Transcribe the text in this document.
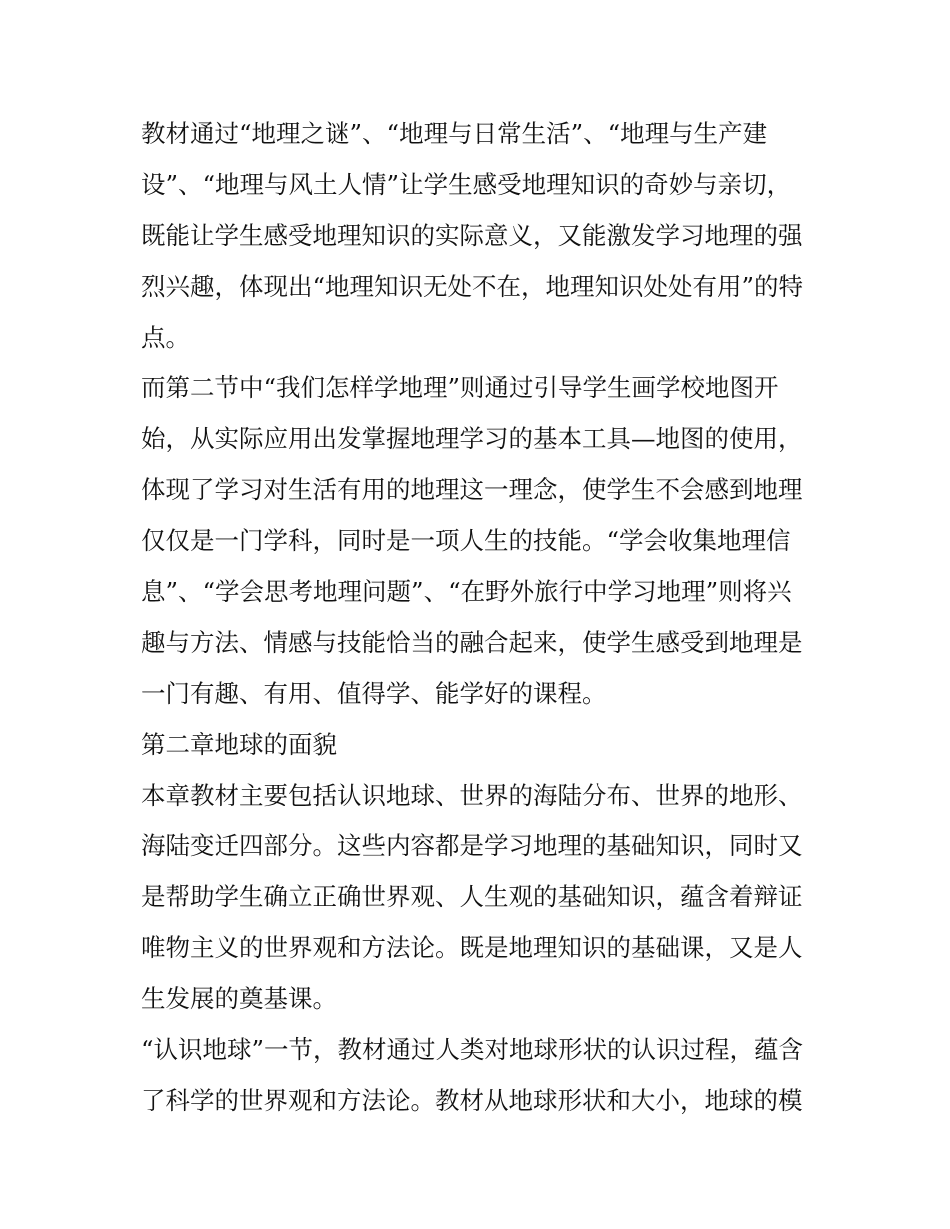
教材通过“地理之谜”、“地理与日常生活”、“地理与生产建
设”、“地理与风土人情”让学生感受地理知识的奇妙与亲切，
既能让学生感受地理知识的实际意义，又能激发学习地理的强
烈兴趣，体现出“地理知识无处不在，地理知识处处有用”的特
点。
而第二节中“我们怎样学地理”则通过引导学生画学校地图开
始，从实际应用出发掌握地理学习的基本工具—地图的使用，
体现了学习对生活有用的地理这一理念，使学生不会感到地理
仅仅是一门学科，同时是一项人生的技能。“学会收集地理信
息”、“学会思考地理问题”、“在野外旅行中学习地理”则将兴
趣与方法、情感与技能恰当的融合起来，使学生感受到地理是
一门有趣、有用、值得学、能学好的课程。
第二章地球的面貌
本章教材主要包括认识地球、世界的海陆分布、世界的地形、
海陆变迁四部分。这些内容都是学习地理的基础知识，同时又
是帮助学生确立正确世界观、人生观的基础知识，蕴含着辩证
唯物主义的世界观和方法论。既是地理知识的基础课，又是人
生发展的奠基课。
“认识地球”一节，教材通过人类对地球形状的认识过程，蕴含
了科学的世界观和方法论。教材从地球形状和大小，地球的模
